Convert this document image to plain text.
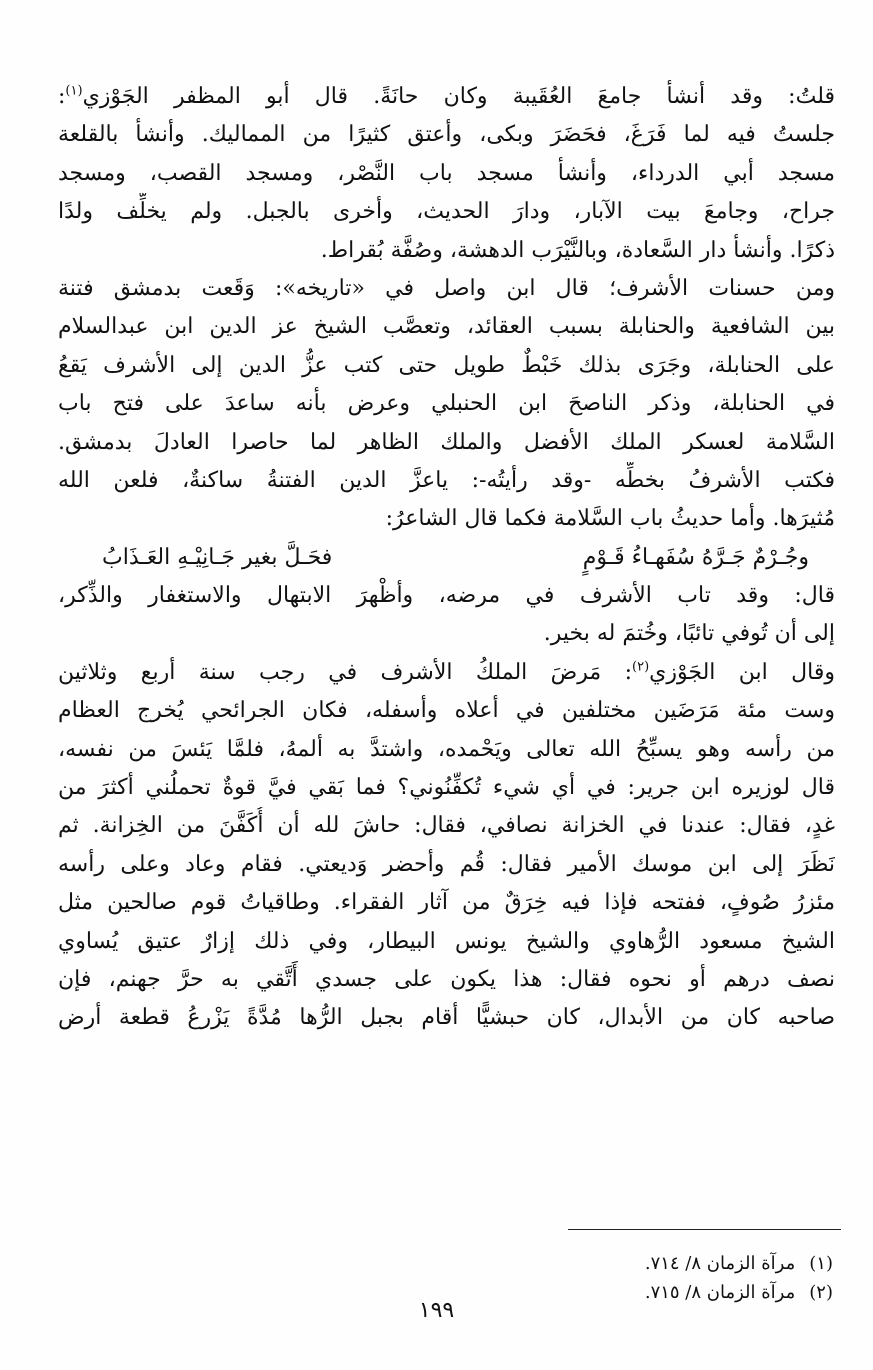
قلتُ: وقد أنشأ جامعَ العُقَيبة وكان حانَةً. قال أبو المظفر الجَوْزي$^{(١)}$:
جلستُ فيه لما فَرَغَ، فحَضَرَ وبكى، وأعتق كثيرًا من المماليك. وأنشأ بالقلعة
مسجد أبي الدرداء، وأنشأ مسجد باب النَّصْر، ومسجد القصب، ومسجد
جراح، وجامعَ بيت الآبار، ودارَ الحديث، وأخرى بالجبل. ولم يخلِّف ولدًا
ذكرًا. وأنشأ دار السَّعادة، وبالنَّيْرَب الدهشة، وصُفَّة بُقراط.
ومن حسنات الأشرف؛ قال ابن واصل في «تاريخه»: وَقَعت بدمشق فتنة
بين الشافعية والحنابلة بسبب العقائد، وتعصَّب الشيخ عز الدين ابن عبدالسلام
على الحنابلة، وجَرَى بذلك خَبْطٌ طويل حتى كتب عزُّ الدين إلى الأشرف يَقعُ
في الحنابلة، وذكر الناصحَ ابن الحنبلي وعرض بأنه ساعدَ على فتح باب
السَّلامة لعسكر الملك الأفضل والملك الظاهر لما حاصرا العادلَ بدمشق.
فكتب الأشرفُ بخطِّه -وقد رأيتُه-: ياعزَّ الدين الفتنةُ ساكنةٌ، فلعن الله
مُثيرَها. وأما حديثُ باب السَّلامة فكما قال الشاعرُ:
وجُـرْمٌ جَـرَّهُ سُفَهـاءُ قَـوْمٍ
فحَـلَّ بغير جَـانِيْـهِ العَـذَابُ
قال: وقد تاب الأشرف في مرضه، وأظْهرَ الابتهال والاستغفار والذِّكر،
إلى أن تُوفي تائبًا، وخُتمَ له بخير.
وقال ابن الجَوْزي$^{(٢)}$: مَرضَ الملكُ الأشرف في رجب سنة أربع وثلاثين
وست مئة مَرَضَين مختلفين في أعلاه وأسفله، فكان الجرائحي يُخرج العظام
من رأسه وهو يسبِّحُ الله تعالى ويَحْمده، واشتدَّ به ألمهُ، فلمَّا يَئسَ من نفسه،
قال لوزيره ابن جرير: في أي شيء تُكفِّنُوني؟ فما بَقي فيَّ قوةٌ تحملُني أكثرَ من
غدٍ، فقال: عندنا في الخزانة نصافي، فقال: حاشَ لله أن أُكَفَّنَ من الخِزانة. ثم
نَظَرَ إلى ابن موسك الأمير فقال: قُم وأحضر وَديعتي. فقام وعاد وعلى رأسه
مئزرُ صُوفٍ، ففتحه فإذا فيه خِرَقٌ من آثار الفقراء. وطاقياتُ قوم صالحين مثل
الشيخ مسعود الرُّهاوي والشيخ يونس البيطار، وفي ذلك إزارٌ عتيق يُساوي
نصف درهم أو نحوه فقال: هذا يكون على جسدي أَتَّقي به حرَّ جهنم، فإن
صاحبه كان من الأبدال، كان حبشيًّا أقام بجبل الرُّها مُدَّةً يَزْرعُ قطعة أرض
(١)مرآة الزمان ٨/ ٧١٤.
(٢)مرآة الزمان ٨/ ٧١٥.
١٩٩
